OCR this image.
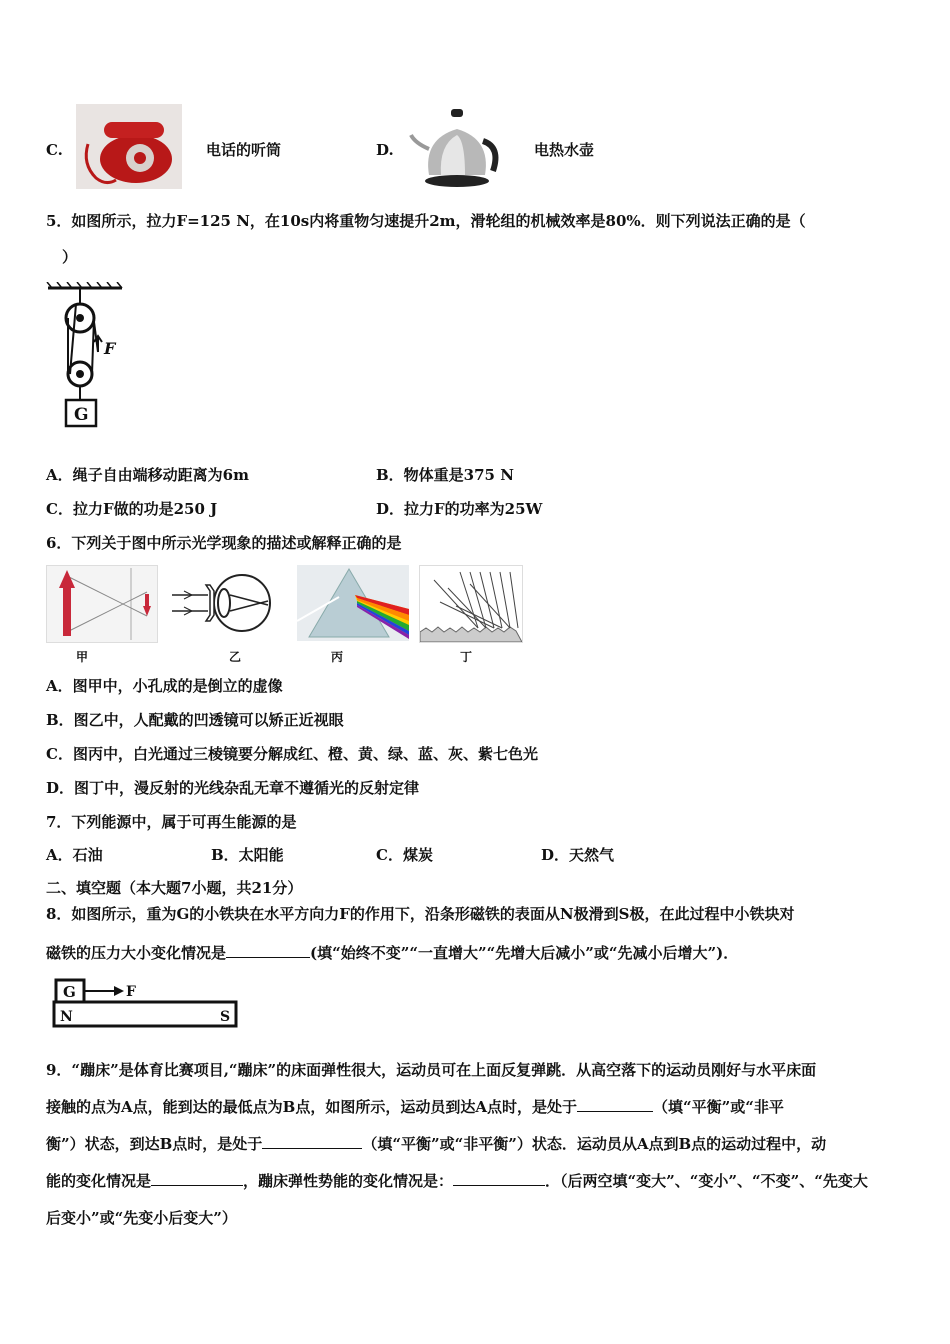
C.	电话的听筒	D.	电热水壶
5．如图所示，拉力F=125 N，在10s内将重物匀速提升2m，滑轮组的机械效率是80%．则下列说法正确的是（
）
F
G
A．绳子自由端移动距离为6m	B．物体重是375 N
C．拉力F做的功是250 J	D．拉力F的功率为25W
6．下列关于图中所示光学现象的描述或解释正确的是
甲	乙	丙	丁
A．图甲中，小孔成的是倒立的虚像
B．图乙中，人配戴的凹透镜可以矫正近视眼
C．图丙中，白光通过三棱镜要分解成红、橙、黄、绿、蓝、灰、紫七色光
D．图丁中，漫反射的光线杂乱无章不遵循光的反射定律
7．下列能源中，属于可再生能源的是
A．石油	B．太阳能	C．煤炭	D．天然气
二、填空题（本大题7小题，共21分）
8．如图所示，重为G的小铁块在水平方向力F的作用下，沿条形磁铁的表面从N极滑到S极，在此过程中小铁块对
磁铁的压力大小变化情况是	(填“始终不变”“一直增大”“先增大后减小”或“先减小后增大”)．
G	F
N	S
9．“蹦床”是体育比赛项目,“蹦床”的床面弹性很大，运动员可在上面反复弹跳．从高空落下的运动员刚好与水平床面
接触的点为A点，能到达的最低点为B点，如图所示，运动员到达A点时，是处于	（填“平衡”或“非平
衡”）状态，到达B点时，是处于	（填“平衡”或“非平衡”）状态．运动员从A点到B点的运动过程中，动
能的变化情况是	，蹦床弹性势能的变化情况是：	．（后两空填“变大”、“变小”、“不变”、“先变大
后变小”或“先变小后变大”）
